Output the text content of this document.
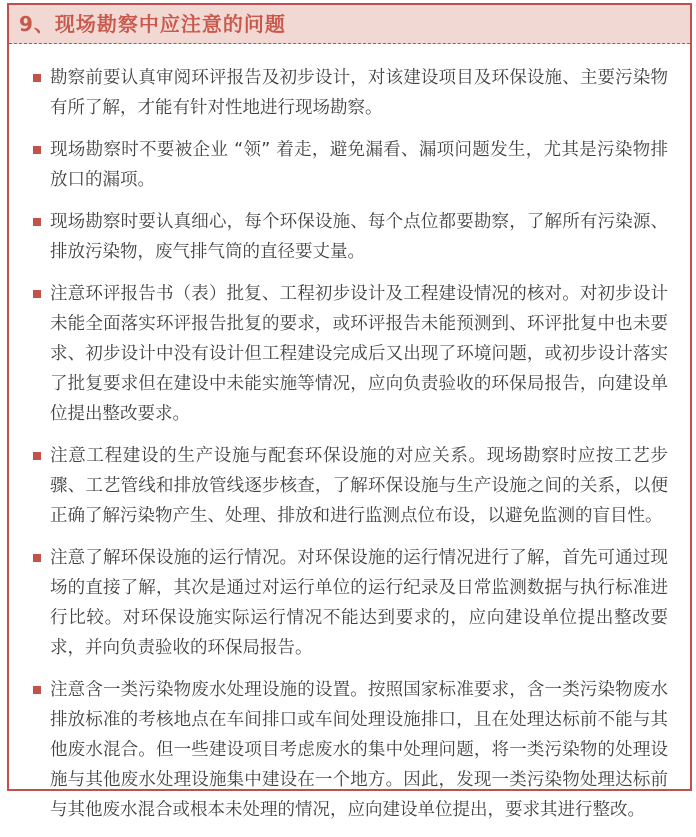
9、现场勘察中应注意的问题
勘察前要认真审阅环评报告及初步设计，对该建设项目及环保设施、主要污染物有所了解，才能有针对性地进行现场勘察。
现场勘察时不要被企业 “领” 着走，避免漏看、漏项问题发生，尤其是污染物排放口的漏项。
现场勘察时要认真细心，每个环保设施、每个点位都要勘察，了解所有污染源、排放污染物，废气排气筒的直径要丈量。
注意环评报告书（表）批复、工程初步设计及工程建设情况的核对。对初步设计未能全面落实环评报告批复的要求，或环评报告未能预测到、环评批复中也未要求、初步设计中没有设计但工程建设完成后又出现了环境问题，或初步设计落实了批复要求但在建设中未能实施等情况，应向负责验收的环保局报告，向建设单位提出整改要求。
注意工程建设的生产设施与配套环保设施的对应关系。现场勘察时应按工艺步骤、工艺管线和排放管线逐步核查，了解环保设施与生产设施之间的关系，以便正确了解污染物产生、处理、排放和进行监测点位布设，以避免监测的盲目性。
注意了解环保设施的运行情况。对环保设施的运行情况进行了解，首先可通过现场的直接了解，其次是通过对运行单位的运行纪录及日常监测数据与执行标准进行比较。对环保设施实际运行情况不能达到要求的，应向建设单位提出整改要求，并向负责验收的环保局报告。
注意含一类污染物废水处理设施的设置。按照国家标准要求，含一类污染物废水排放标准的考核地点在车间排口或车间处理设施排口，且在处理达标前不能与其他废水混合。但一些建设项目考虑废水的集中处理问题，将一类污染物的处理设施与其他废水处理设施集中建设在一个地方。因此，发现一类污染物处理达标前与其他废水混合或根本未处理的情况，应向建设单位提出，要求其进行整改。
